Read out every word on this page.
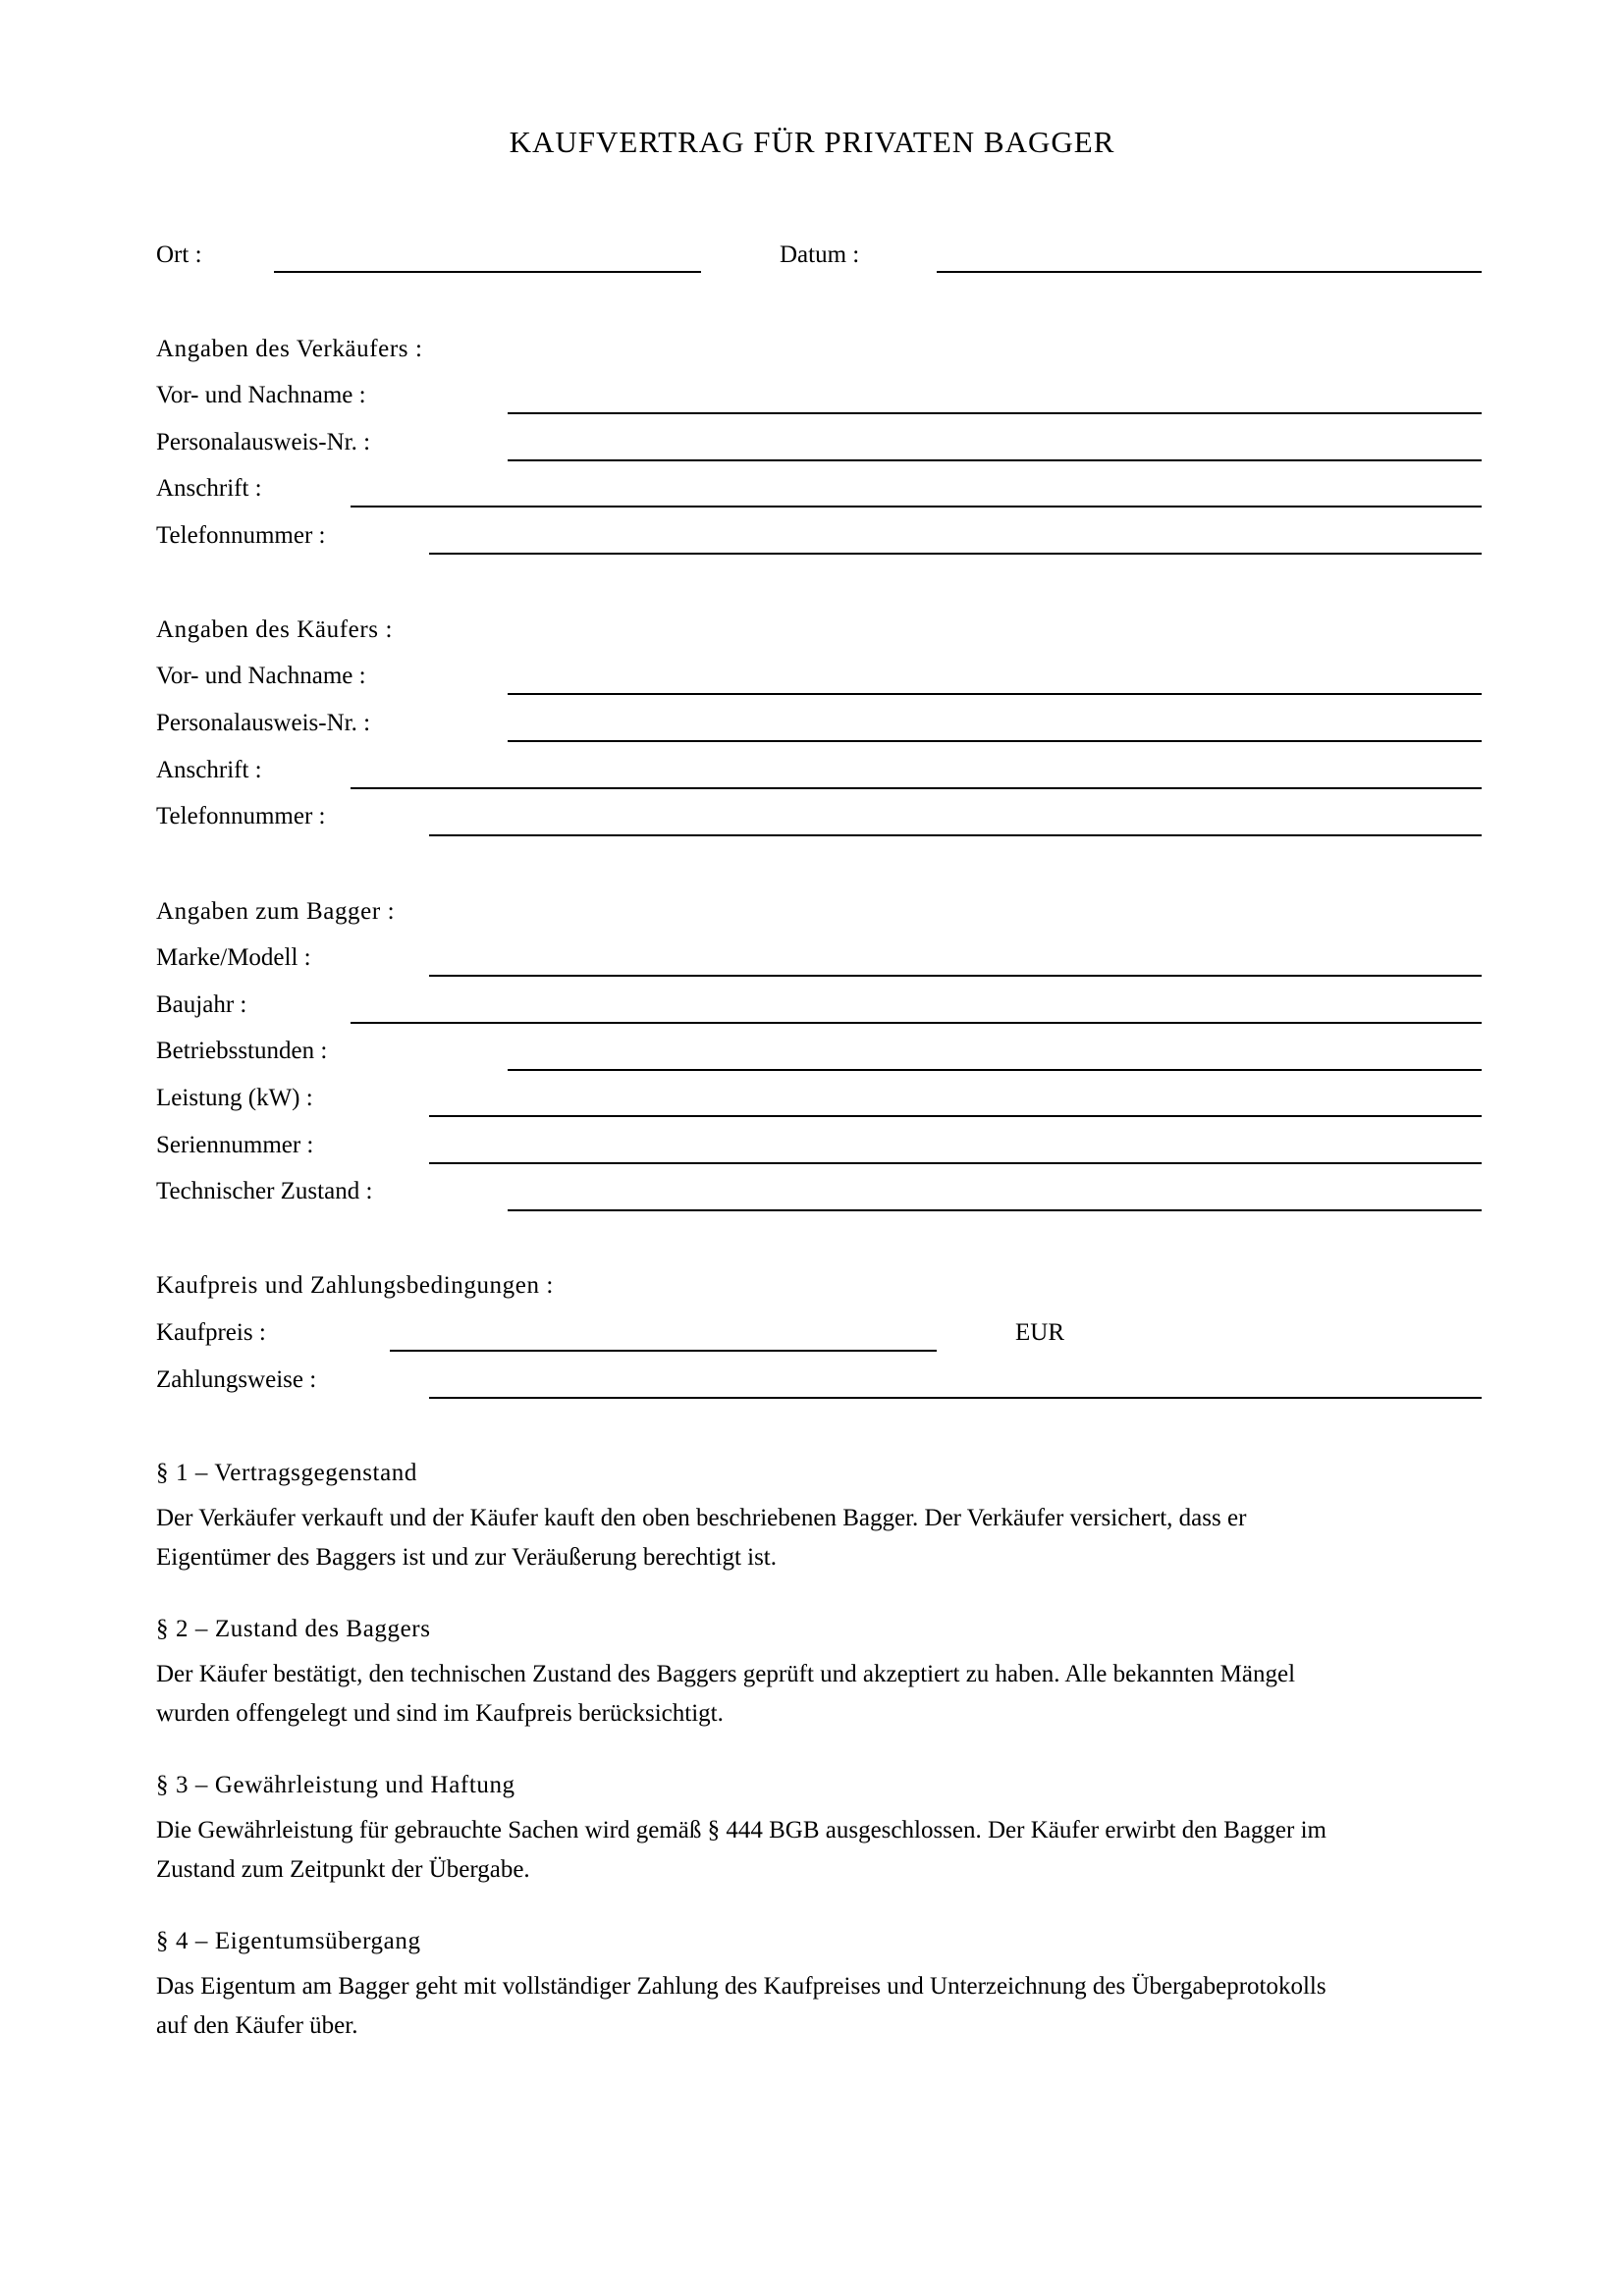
KAUFVERTRAG FÜR PRIVATEN BAGGER
Ort :	Datum :
Angaben des Verkäufers :
Vor- und Nachname :
Personalausweis-Nr. :
Anschrift :
Telefonnummer :
Angaben des Käufers :
Vor- und Nachname :
Personalausweis-Nr. :
Anschrift :
Telefonnummer :
Angaben zum Bagger :
Marke/Modell :
Baujahr :
Betriebsstunden :
Leistung (kW) :
Seriennummer :
Technischer Zustand :
Kaufpreis und Zahlungsbedingungen :
Kaufpreis :	EUR
Zahlungsweise :
§ 1 – Vertragsgegenstand
Der Verkäufer verkauft und der Käufer kauft den oben beschriebenen Bagger. Der Verkäufer versichert, dass er
Eigentümer des Baggers ist und zur Veräußerung berechtigt ist.
§ 2 – Zustand des Baggers
Der Käufer bestätigt, den technischen Zustand des Baggers geprüft und akzeptiert zu haben. Alle bekannten Mängel
wurden offengelegt und sind im Kaufpreis berücksichtigt.
§ 3 – Gewährleistung und Haftung
Die Gewährleistung für gebrauchte Sachen wird gemäß § 444 BGB ausgeschlossen. Der Käufer erwirbt den Bagger im
Zustand zum Zeitpunkt der Übergabe.
§ 4 – Eigentumsübergang
Das Eigentum am Bagger geht mit vollständiger Zahlung des Kaufpreises und Unterzeichnung des Übergabeprotokolls
auf den Käufer über.
